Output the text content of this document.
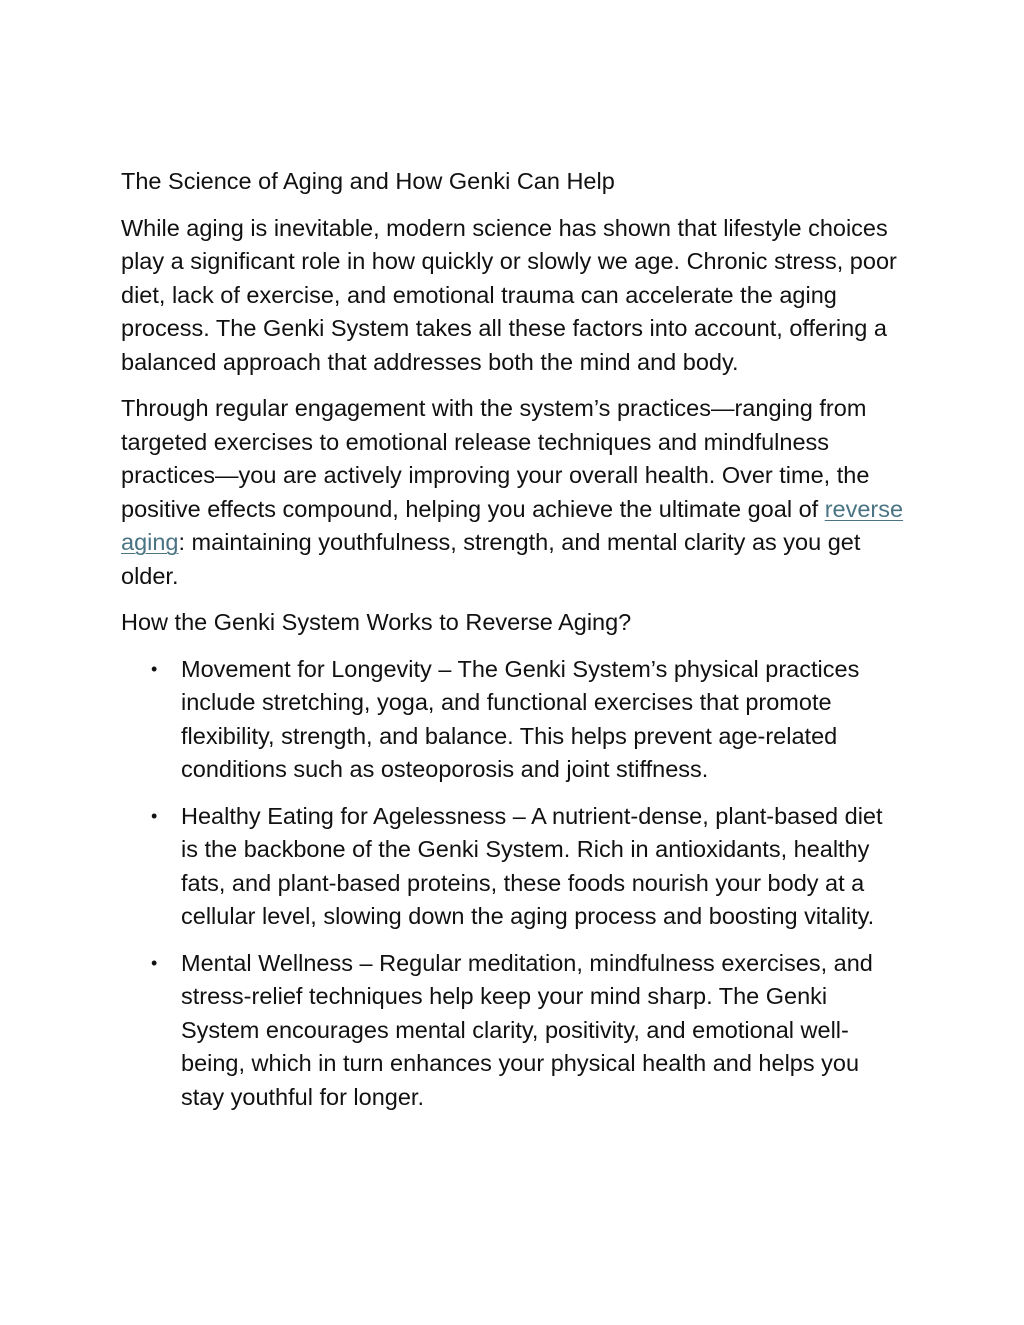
The Science of Aging and How Genki Can Help

While aging is inevitable, modern science has shown that lifestyle choices play a significant role in how quickly or slowly we age. Chronic stress, poor diet, lack of exercise, and emotional trauma can accelerate the aging process. The Genki System takes all these factors into account, offering a balanced approach that addresses both the mind and body.

Through regular engagement with the system’s practices—ranging from targeted exercises to emotional release techniques and mindfulness practices—you are actively improving your overall health. Over time, the positive effects compound, helping you achieve the ultimate goal of reverse aging: maintaining youthfulness, strength, and mental clarity as you get older.

How the Genki System Works to Reverse Aging?

• Movement for Longevity – The Genki System’s physical practices include stretching, yoga, and functional exercises that promote flexibility, strength, and balance. This helps prevent age-related conditions such as osteoporosis and joint stiffness.
• Healthy Eating for Agelessness – A nutrient-dense, plant-based diet is the backbone of the Genki System. Rich in antioxidants, healthy fats, and plant-based proteins, these foods nourish your body at a cellular level, slowing down the aging process and boosting vitality.
• Mental Wellness – Regular meditation, mindfulness exercises, and stress-relief techniques help keep your mind sharp. The Genki System encourages mental clarity, positivity, and emotional well-being, which in turn enhances your physical health and helps you stay youthful for longer.
